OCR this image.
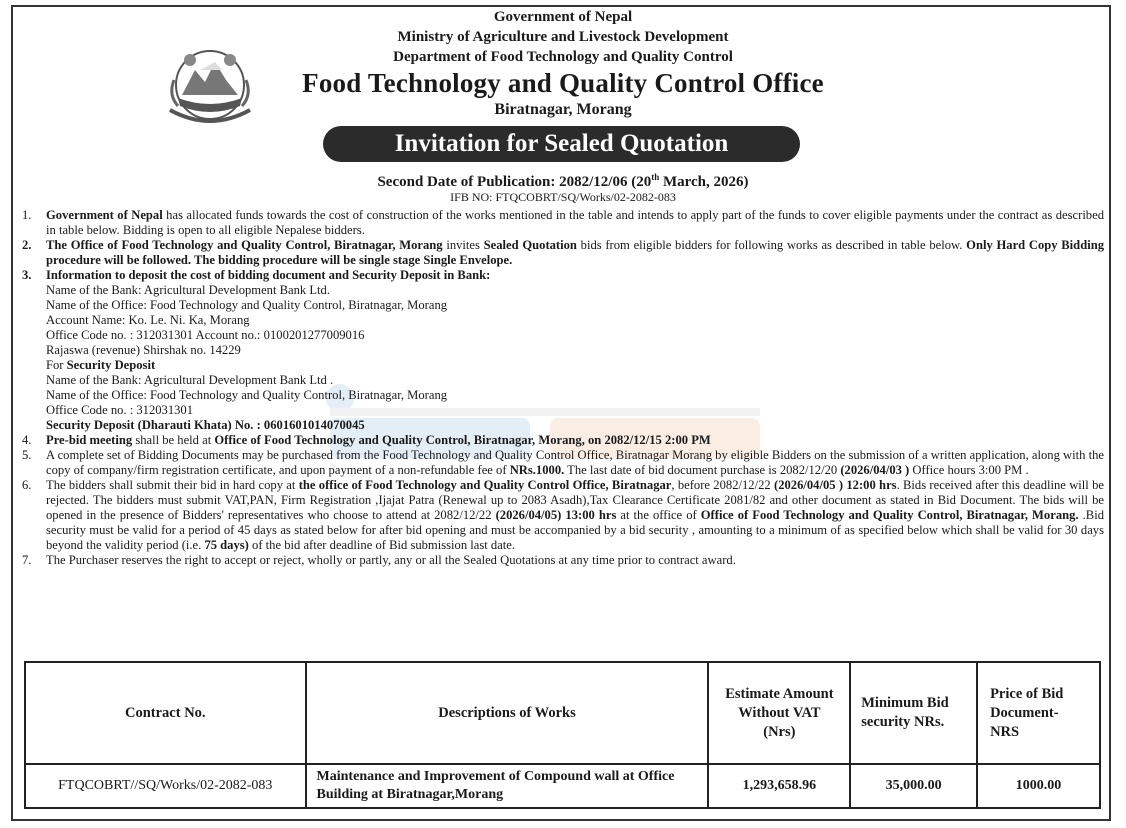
Government of Nepal
Ministry of Agriculture and Livestock Development
Department of Food Technology and Quality Control
Food Technology and Quality Control Office
Biratnagar, Morang
Invitation for Sealed Quotation
Second Date of Publication: 2082/12/06 (20th March, 2026)
IFB NO: FTQCOBRT/SQ/Works/02-2082-083
1. Government of Nepal has allocated funds towards the cost of construction of the works mentioned in the table and intends to apply part of the funds to cover eligible payments under the contract as described in table below. Bidding is open to all eligible Nepalese bidders.
2. The Office of Food Technology and Quality Control, Biratnagar, Morang invites Sealed Quotation bids from eligible bidders for following works as described in table below. Only Hard Copy Bidding procedure will be followed. The bidding procedure will be single stage Single Envelope.
3. Information to deposit the cost of bidding document and Security Deposit in Bank:
Name of the Bank: Agricultural Development Bank Ltd.
Name of the Office: Food Technology and Quality Control, Biratnagar, Morang
Account Name: Ko. Le. Ni. Ka, Morang
Office Code no. : 312031301 Account no.: 0100201277009016
Rajaswa (revenue) Shirshak no. 14229
For Security Deposit
Name of the Bank: Agricultural Development Bank Ltd .
Name of the Office: Food Technology and Quality Control, Biratnagar, Morang
Office Code no. : 312031301
Security Deposit (Dharauti Khata) No. : 0601601014070045
4. Pre-bid meeting shall be held at Office of Food Technology and Quality Control, Biratnagar, Morang, on 2082/12/15 2:00 PM
5. A complete set of Bidding Documents may be purchased from the Food Technology and Quality Control Office, Biratnagar Morang by eligible Bidders on the submission of a written application, along with the copy of company/firm registration certificate, and upon payment of a non-refundable fee of NRs.1000. The last date of bid document purchase is 2082/12/20 (2026/04/03 ) Office hours 3:00 PM .
6. The bidders shall submit their bid in hard copy at the office of Food Technology and Quality Control Office, Biratnagar, before 2082/12/22 (2026/04/05 ) 12:00 hrs. Bids received after this deadline will be rejected. The bidders must submit VAT,PAN, Firm Registration ,Ijajat Patra (Renewal up to 2083 Asadh),Tax Clearance Certificate 2081/82 and other document as stated in Bid Document. The bids will be opened in the presence of Bidders' representatives who choose to attend at 2082/12/22 (2026/04/05) 13:00 hrs at the office of Office of Food Technology and Quality Control, Biratnagar, Morang. .Bid security must be valid for a period of 45 days as stated below for after bid opening and must be accompanied by a bid security , amounting to a minimum of as specified below which shall be valid for 30 days beyond the validity period (i.e. 75 days) of the bid after deadline of Bid submission last date.
7. The Purchaser reserves the right to accept or reject, wholly or partly, any or all the Sealed Quotations at any time prior to contract award.
Contract No.	Descriptions of Works	Estimate Amount Without VAT (Nrs)	Minimum Bid security NRs.	Price of Bid Document- NRS
FTQCOBRT//SQ/Works/02-2082-083	Maintenance and Improvement of Compound wall at Office Building at Biratnagar,Morang	1,293,658.96	35,000.00	1000.00
